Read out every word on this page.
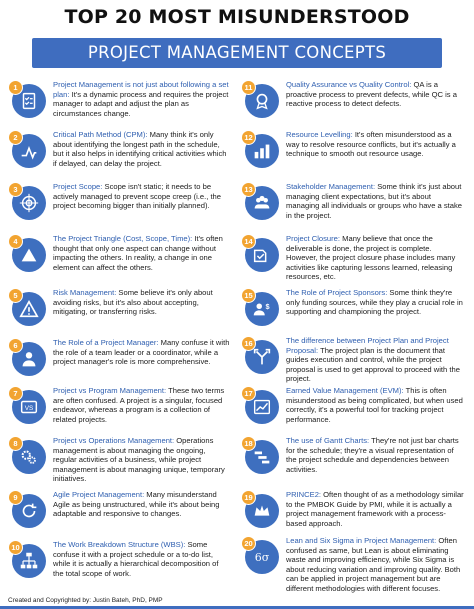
TOP 20 MOST MISUNDERSTOOD
PROJECT MANAGEMENT CONCEPTS
1	Project Management is not just about following a set plan: It's a dynamic process and requires the project manager to adapt and adjust the plan as circumstances change.
2	Critical Path Method (CPM): Many think it's only about identifying the longest path in the schedule, but it also helps in identifying critical activities which if delayed, can delay the project.
3	Project Scope: Scope isn't static; it needs to be actively managed to prevent scope creep (i.e., the project becoming bigger than initially planned).
4	The Project Triangle (Cost, Scope, Time): It's often thought that only one aspect can change without impacting the others. In reality, a change in one element can affect the others.
5	Risk Management: Some believe it's only about avoiding risks, but it's also about accepting, mitigating, or transferring risks.
6	The Role of a Project Manager: Many confuse it with the role of a team leader or a coordinator, while a project manager's role is more comprehensive.
7
VS
Project vs Program Management: These two terms are often confused. A project is a singular, focused endeavor, whereas a program is a collection of related projects.
8	Project vs Operations Management: Operations management is about managing the ongoing, regular activities of a business, while project management is about managing unique, temporary initiatives.
9	Agile Project Management: Many misunderstand Agile as being unstructured, while it's about being adaptable and responsive to changes.
10	The Work Breakdown Structure (WBS): Some confuse it with a project schedule or a to-do list, while it is actually a hierarchical decomposition of the total scope of work.
11	Quality Assurance vs Quality Control: QA is a proactive process to prevent defects, while QC is a reactive process to detect defects.
12	Resource Levelling: It's often misunderstood as a way to resolve resource conflicts, but it's actually a technique to smooth out resource usage.
13	Stakeholder Management: Some think it's just about managing client expectations, but it's about managing all individuals or groups who have a stake in the project.
14	Project Closure: Many believe that once the deliverable is done, the project is complete. However, the project closure phase includes many activities like capturing lessons learned, releasing resources, etc.
15
$
The Role of Project Sponsors: Some think they're only funding sources, while they play a crucial role in supporting and championing the project.
16	The difference between Project Plan and Project Proposal: The project plan is the document that guides execution and control, while the project proposal is used to get approval to proceed with the project.
17	Earned Value Management (EVM): This is often misunderstood as being complicated, but when used correctly, it's a powerful tool for tracking project performance.
18	The use of Gantt Charts: They're not just bar charts for the schedule; they're a visual representation of the project schedule and dependencies between activities.
19	PRINCE2: Often thought of as a methodology similar to the PMBOK Guide by PMI, while it is actually a project management framework with a process-based approach.
20
6σ
Lean and Six Sigma in Project Management: Often confused as same, but Lean is about eliminating waste and improving efficiency, while Six Sigma is about reducing variation and improving quality. Both can be applied in project management but are different methodologies with different focuses.
Created and Copyrighted by: Justin Bateh, PhD, PMP
